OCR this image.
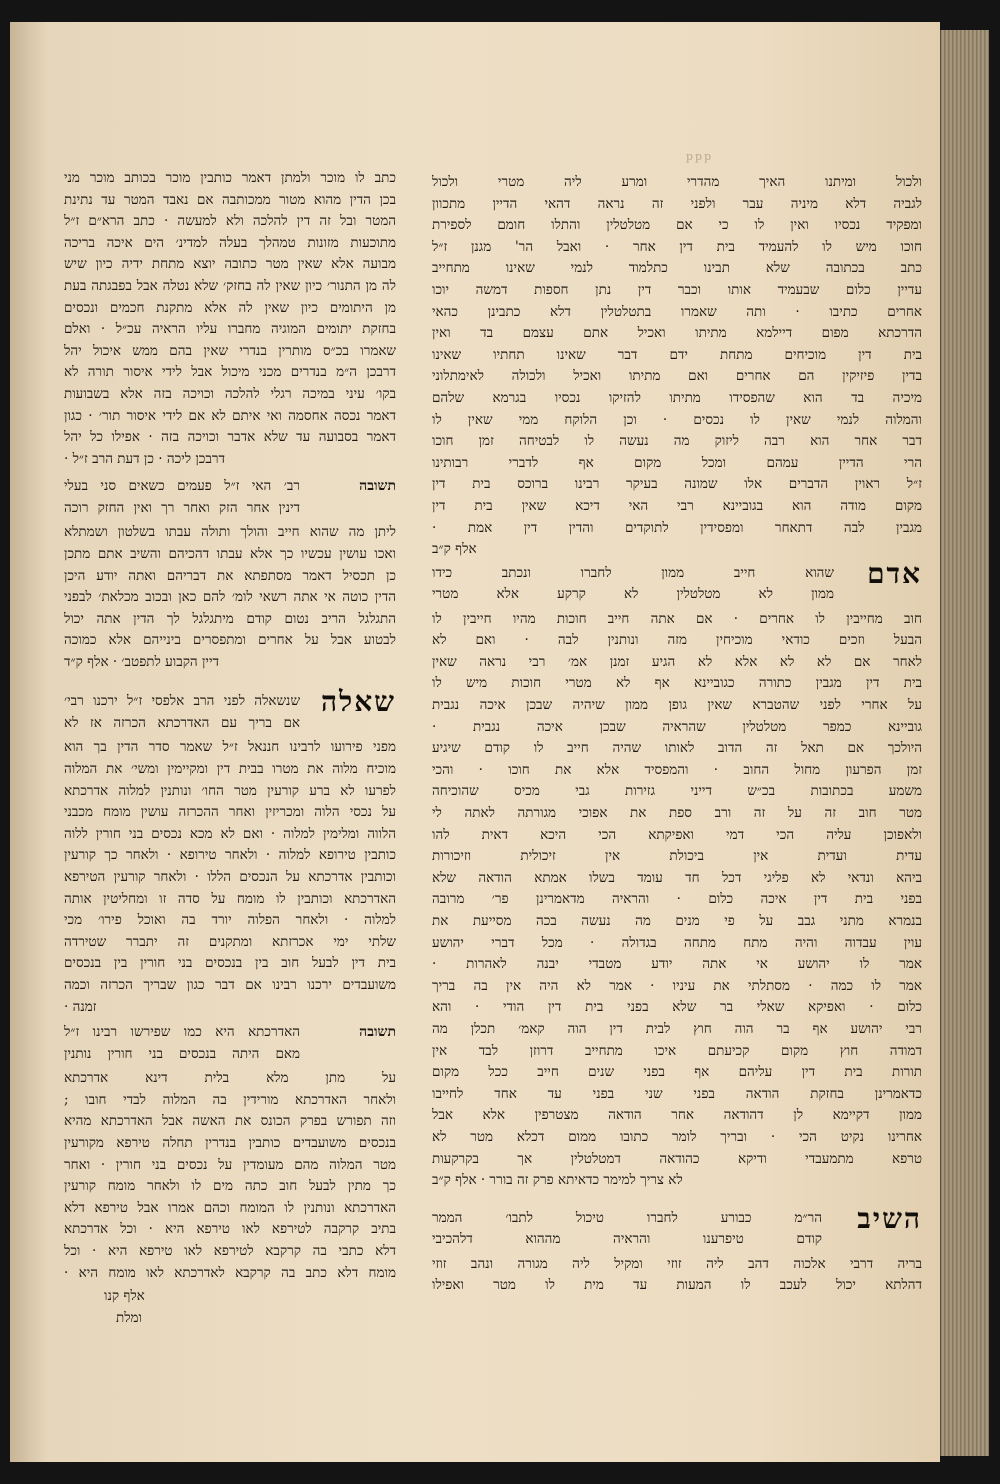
ppp
ולכול ומיתנו האיך מהדרי ומרע ליה מטרי ולכול
לגביה דלא מיניה עבר ולפני זה נראה דהאי הדיין מתכוון
ומפקיד נכסיו ואין לו כי אם מטלטלין והתלו חומם לספירת
חוכו מיש לו להעמיד בית דין אחר · ואבל הר' מגנן ז״ל
כתב בכתובה שלא תבינו כתלמוד לנמי שאינו מתחייב
עדיין כלום שבעמיד אותו וכבר דין נתן חספות דמשה יוכו
אחרים כתיבו · ותה שאמרו בתטלטלין דלא כתבינן כהאי
הדרכתא מפום דיילמא מתיתו ואכיל אתם עצמם בד ואין
בית דין מוכיחים מתחת ידם דבר שאינו תחתיו שאינו
בדין פיזיקין הם אחרים ואם מתיתו ואכיל ולכולה לאימתלוני
מיכיה בד הוא שהפסידו מתיתו להזיקו נכסיו בגרמא שלהם
והמלוה לנמי שאין לו נכסים · וכן הלוקח ממי שאין לו
דבר אחר הוא רבה ליזוק מה נעשה לו לבטיחה זמן חוכו
הרי הדיין עמהם ומכל מקום אף לדברי רבותינו
ז״ל ראוין הדברים אלו שמונה בעיקר רבינו ברוכס בית דין
מקום מודה הוא בגוביינא רבי האי דיכא שאין בית דין
מגבין לבה דתאחר ומפסידין לתוקדים והדין דין אמת ·
אלף ק״ב
אדם
שהוא חייב ממון לחברו ונכתב כידו
ממון לא מטלטלין לא קרקע אלא מטרי
חוב מחייבין לו אחרים · אם אתה חייב חוכות מהיו חייבין לו
הבעל וזכים כודאי מוכיחין מזה ונותנין לבה · ואם לא
לאחר אם לא לא אלא לא הגיע זמנן אמ׳ רבי נראה שאין
בית דין מגבין כתורה כגוביינא אף לא מטרי חוכות מיש לו
על אחרי לפני שהטברא שאין גופן ממון שיהיה שבכן איכה נגבית
גוביינא כמפר מטלטלין שהראיה שבכן איכה נגבית ·
היולכך אם תאל זה הדוב לאותו שהיה חייב לו קודם שיגיע
זמן הפרעון מחול החוב · והמפסיד אלא את חוכו · והכי
משמע בכתובות בכ״ש דייני גזירות גבי מכיס שהוכיחה
מטר חוב זה על זה ורב ספת את אפוכי מגורתה לאתה לי
ולאפוכן עליה הכי דמי ואפיקתא הכי היכא דאית להו
עדית ועדית אין ביכולת אין זיכולית וזיכורות
ביהא ונדאי לא פליגי דכל חד עומד בשלו אמתא הודאה שלא
בפני בית דין איכה כלום · והראיה מדאמרינן פר׳ מרובה
בנמרא מתני גבב על פי מנים מה נעשה בכה מסייעת את
עוין עבדוה והיה מתח מתחה בגדולה · מכל דברי יהושע
אמר לו יהושע אי אתה יודע מטבדי יבנה לאהרות ·
אמר לו כמה · מסתלתי את עיניו · אמר לא היה אין בה בריך
כלום · ואפיקא שאלי בר שלא בפני בית דין הודי · והא
רבי יהושע אף בר הוה חוץ לבית דין הוה קאמ׳ תכלן מה
דמודה חוץ מקום קכיעתם איכו מתחייב דרוזן לבד אין
תורות בית דין עליהם אף בפני שנים חייב ככל מקום
כדאמרינן בחזקת הודאה בפני שני בפני עד אחד לחייבו
ממון דקיימא לן דהודאה אחר הודאה מצטרפין אלא אבל
אחרינו נקיט הכי · ובריך לומר כתובו ממום דכלא מטר לא
טרפא מתמעבדי ודיקא כהודאה דמטלטלין אך בקרקעות
לא צריך למימר כדאיתא פרק זה בורר · אלף ק״ב
השיב
הר״מ כבורע לחברו טיכול לתבו׳ הממר
קודם טיפרענו והראיה מההוא דלהכיבי
בריה דרבי אלכוה דהב ליה זוזי ומקיל ליה מגורה ונהב זוזי
דהלתא יכול לעכב לו המעות עד מית לו מטר ואפילו
כתב לו מוכר ולמתן דאמר כותבין מוכר בכותב מוכר מני
בכן הדין מהוא מטור ממכותבה אם נאבד המטר עד נתינת
המטר ובל זה דין להלכה ולא למעשה · כתב הרא״ם ז״ל
מתוכעות מזונות טמהלך בעלה למדינ׳ הים איכה בריכה
מבועה אלא שאין מטר כתובה יוצא מתחת ידיה כיון שיש
לה מן התנור׳ כיון שאין לה בחזק׳ שלא נטלה אבל בפבגתה בעת
מן היתומים כיון שאין לה אלא מתקנת חכמים ונכסים
בחזקת יתומים המוגיה מחברו עליו הראיה עכ״ל · ואלם
שאמרו בכ״ס מותרין בנדרי שאין בהם ממש איכול יהל
דרבכן ה״מ בנדרים מכני מיכול אבל לידי איסור תורה לא
בקו׳ עיני במיכה רגלי להלכה וכויכה בזה אלא בשבועות
דאמר נכסה אחסמה ואי איתם לא אם לידי איסור תור׳ · כגון
דאמר בסבועה עד שלא אדבר וכויכה בזה · אפילו כל יהל
דרבכן ליכה · כן דעת הרב ז״ל ·
תשובה
רב׳ האי ז״ל פעמים כשאים סני בעלי
דינין אחר הזק ואחר רך ואין החזק רוכה
ליתן מה שהוא חייב והולך ותולה עבתו בשלטון ושמתלא
ואכו עושין עכשיו כך אלא עבתו דהכיהם והשיב אתם מתכן
כן תכסיל דאמר מסתפתא את דבריהם ואתה יודע היכן
הדין כוטה אי אתה רשאי לומ׳ להם כאן ובכוב מכלאת׳ לבפני
התגלגל הריב נטום קודם מיתגלגל לך הדין אתה יכול
לבטוע אבל על אחרים ומתפסרים בינייהם אלא כמוכה
דיין הקבוע לתפטב׳ · אלף ק״ד
שאלה
שנשאלה לפני הרב אלפסי ז״ל ירכנו רבי׳
אם בריך עם האדרכתא הכרזה אז לא
מפני פירועו לרבינו חננאל ז״ל שאמר סדר הדין בך הוא
מוכיח מלוה את מטרו בבית דין ומקיימין ומשי׳ את המלוה
לפרעו לא ברע קורעין מטר החו׳ ונותנין למלוה אדרכתא
על נכסי הלוה ומכריזין ואחר ההכרזה עושין מומח מכבני
הלווה ומלימין למלוה · ואם לא מכא נכסים בני חורין ללוה
כותבין טירופא למלוה · ולאחר טירופא · ולאחר כך קורעין
וכותבין אדרכתא על הנכסים הללו · ולאחר קורעין הטירפא
האדרכתא וכותבין לו מומח על סדה זו ומחליטין אותה
למלוה · ולאחר הפלוה יורד בה ואוכל פירו׳ מכי
שלתי ימי אכרזתא ומתקנים זה יתברר שטירדה
בית דין לבעל חוב בין בנכסים בני חורין בין בנכסים
משועבדים ירכנו רבינו אם דבר כגון שבריך הכרזה וכמה
זמנה ·
תשובה
האדרכתא היא כמו שפירשו רבינו ז״ל
מאם היתה בנכסים בני חורין נותנין
על מתן מלא בלית דינא אדרכתא
ולאחר האדרכתא מורידין בה המלוה לבדי חובו ;
וזה תפורש בפרק הכונס את האשה אבל האדרכתא מהיא
בנכסים משועבדים כותבין בנדרין תחלה טירפא מקורעין
מטר המלוה מהם מעומדין על נכסים בני חורין · ואחר
כך מתין לבעל חוב כתה מים לו ולאחר מומח קורעין
האדרכתא ונותנין לו המומח וכהם אמרו אבל טירפא דלא
בתיב קרקבה לטירפא לאו טירפא היא · וכל אדרכתא
דלא כתבי בה קרקבא לטירפא לאו טירפא היא · וכל
מומח דלא כתב בה קרקבא לאדרכתא לאו מומח היא ·
אלף קנו
ומלת
